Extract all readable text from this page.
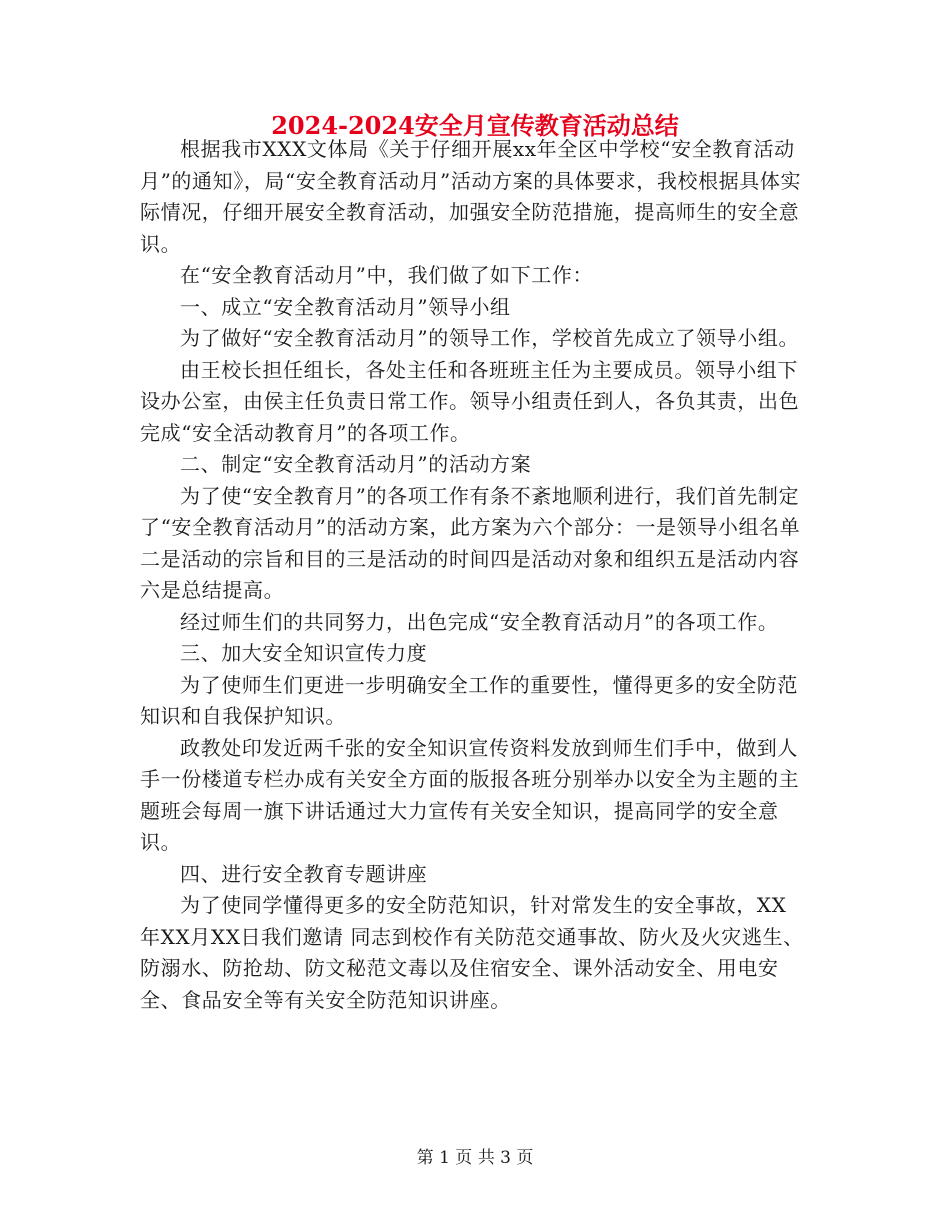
2024-2024安全月宣传教育活动总结

根据我市XXX文体局《关于仔细开展xx年全区中学校“安全教育活动月”的通知》，局“安全教育活动月”活动方案的具体要求，我校根据具体实际情况，仔细开展安全教育活动，加强安全防范措施，提高师生的安全意识。

在“安全教育活动月”中，我们做了如下工作：

一、成立“安全教育活动月”领导小组

为了做好“安全教育活动月”的领导工作，学校首先成立了领导小组。

由王校长担任组长，各处主任和各班班主任为主要成员。领导小组下设办公室，由侯主任负责日常工作。领导小组责任到人，各负其责，出色完成“安全活动教育月”的各项工作。

二、制定“安全教育活动月”的活动方案

为了使“安全教育月”的各项工作有条不紊地顺利进行，我们首先制定了“安全教育活动月”的活动方案，此方案为六个部分：一是领导小组名单二是活动的宗旨和目的三是活动的时间四是活动对象和组织五是活动内容六是总结提高。

经过师生们的共同努力，出色完成“安全教育活动月”的各项工作。

三、加大安全知识宣传力度

为了使师生们更进一步明确安全工作的重要性，懂得更多的安全防范知识和自我保护知识。

政教处印发近两千张的安全知识宣传资料发放到师生们手中，做到人手一份楼道专栏办成有关安全方面的版报各班分别举办以安全为主题的主题班会每周一旗下讲话通过大力宣传有关安全知识，提高同学的安全意识。

四、进行安全教育专题讲座

为了使同学懂得更多的安全防范知识，针对常发生的安全事故，XX年XX月XX日我们邀请 同志到校作有关防范交通事故、防火及火灾逃生、防溺水、防抢劫、防文秘范文毒以及住宿安全、课外活动安全、用电安全、食品安全等有关安全防范知识讲座。

第 1 页 共 3 页
